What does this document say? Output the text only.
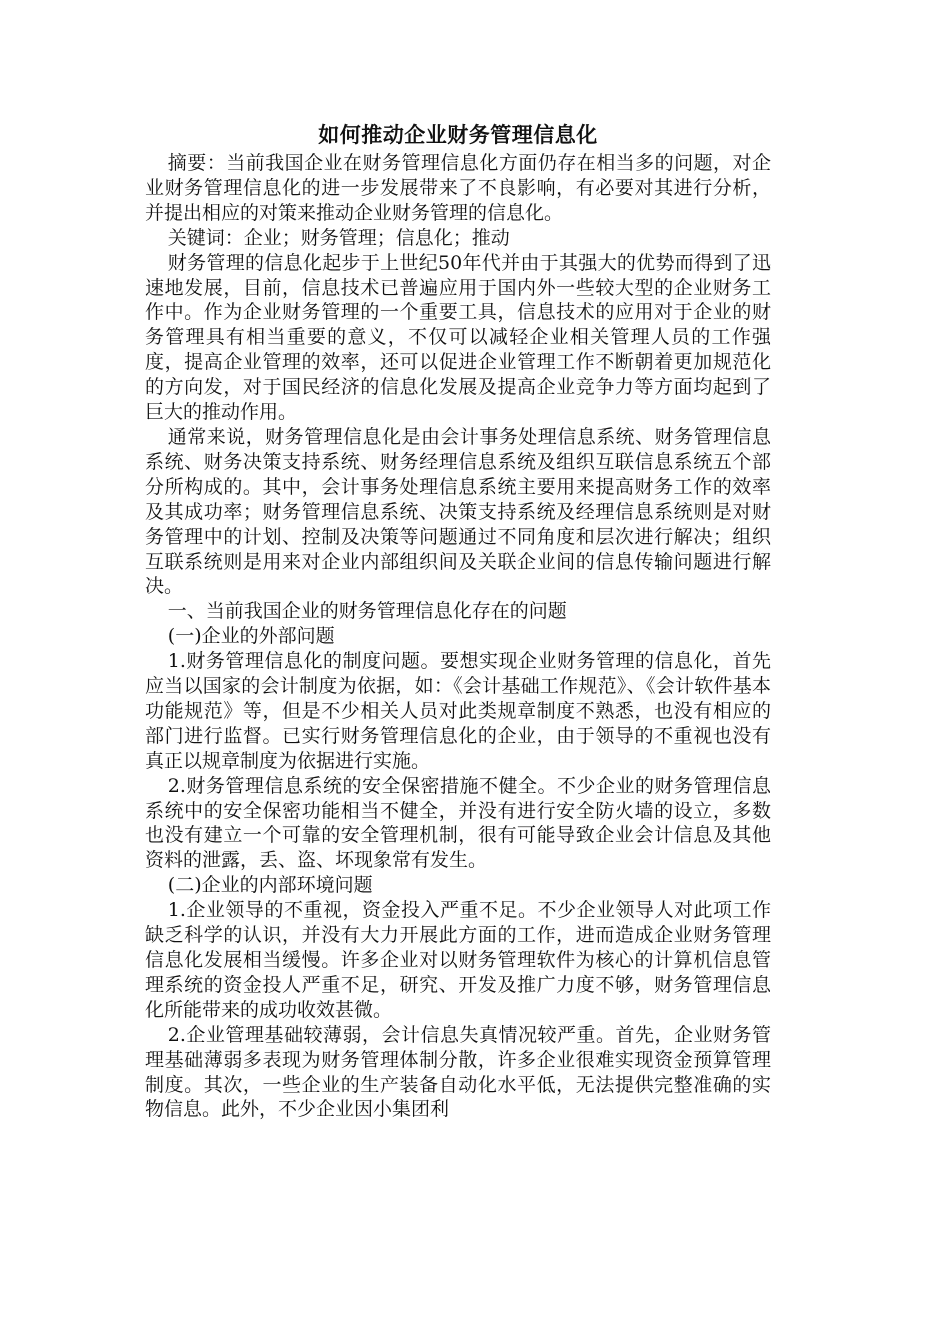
如何推动企业财务管理信息化

摘要：当前我国企业在财务管理信息化方面仍存在相当多的问题，对企业财务管理信息化的进一步发展带来了不良影响，有必要对其进行分析，并提出相应的对策来推动企业财务管理的信息化。

关键词：企业；财务管理；信息化；推动

财务管理的信息化起步于上世纪50年代并由于其强大的优势而得到了迅速地发展，目前，信息技术已普遍应用于国内外一些较大型的企业财务工作中。作为企业财务管理的一个重要工具，信息技术的应用对于企业的财务管理具有相当重要的意义，不仅可以减轻企业相关管理人员的工作强度，提高企业管理的效率，还可以促进企业管理工作不断朝着更加规范化的方向发，对于国民经济的信息化发展及提高企业竞争力等方面均起到了巨大的推动作用。

通常来说，财务管理信息化是由会计事务处理信息系统、财务管理信息系统、财务决策支持系统、财务经理信息系统及组织互联信息系统五个部分所构成的。其中，会计事务处理信息系统主要用来提高财务工作的效率及其成功率；财务管理信息系统、决策支持系统及经理信息系统则是对财务管理中的计划、控制及决策等问题通过不同角度和层次进行解决；组织互联系统则是用来对企业内部组织间及关联企业间的信息传输问题进行解决。

一、当前我国企业的财务管理信息化存在的问题

(一)企业的外部问题

1.财务管理信息化的制度问题。要想实现企业财务管理的信息化，首先应当以国家的会计制度为依据，如：《会计基础工作规范》、《会计软件基本功能规范》等，但是不少相关人员对此类规章制度不熟悉，也没有相应的部门进行监督。已实行财务管理信息化的企业，由于领导的不重视也没有真正以规章制度为依据进行实施。

2.财务管理信息系统的安全保密措施不健全。不少企业的财务管理信息系统中的安全保密功能相当不健全，并没有进行安全防火墙的设立，多数也没有建立一个可靠的安全管理机制，很有可能导致企业会计信息及其他资料的泄露，丢、盗、坏现象常有发生。

(二)企业的内部环境问题

1.企业领导的不重视，资金投入严重不足。不少企业领导人对此项工作缺乏科学的认识，并没有大力开展此方面的工作，进而造成企业财务管理信息化发展相当缓慢。许多企业对以财务管理软件为核心的计算机信息管理系统的资金投人严重不足，研究、开发及推广力度不够，财务管理信息化所能带来的成功收效甚微。

2.企业管理基础较薄弱，会计信息失真情况较严重。首先，企业财务管理基础薄弱多表现为财务管理体制分散，许多企业很难实现资金预算管理制度。其次，一些企业的生产装备自动化水平低，无法提供完整准确的实物信息。此外，不少企业因小集团利
